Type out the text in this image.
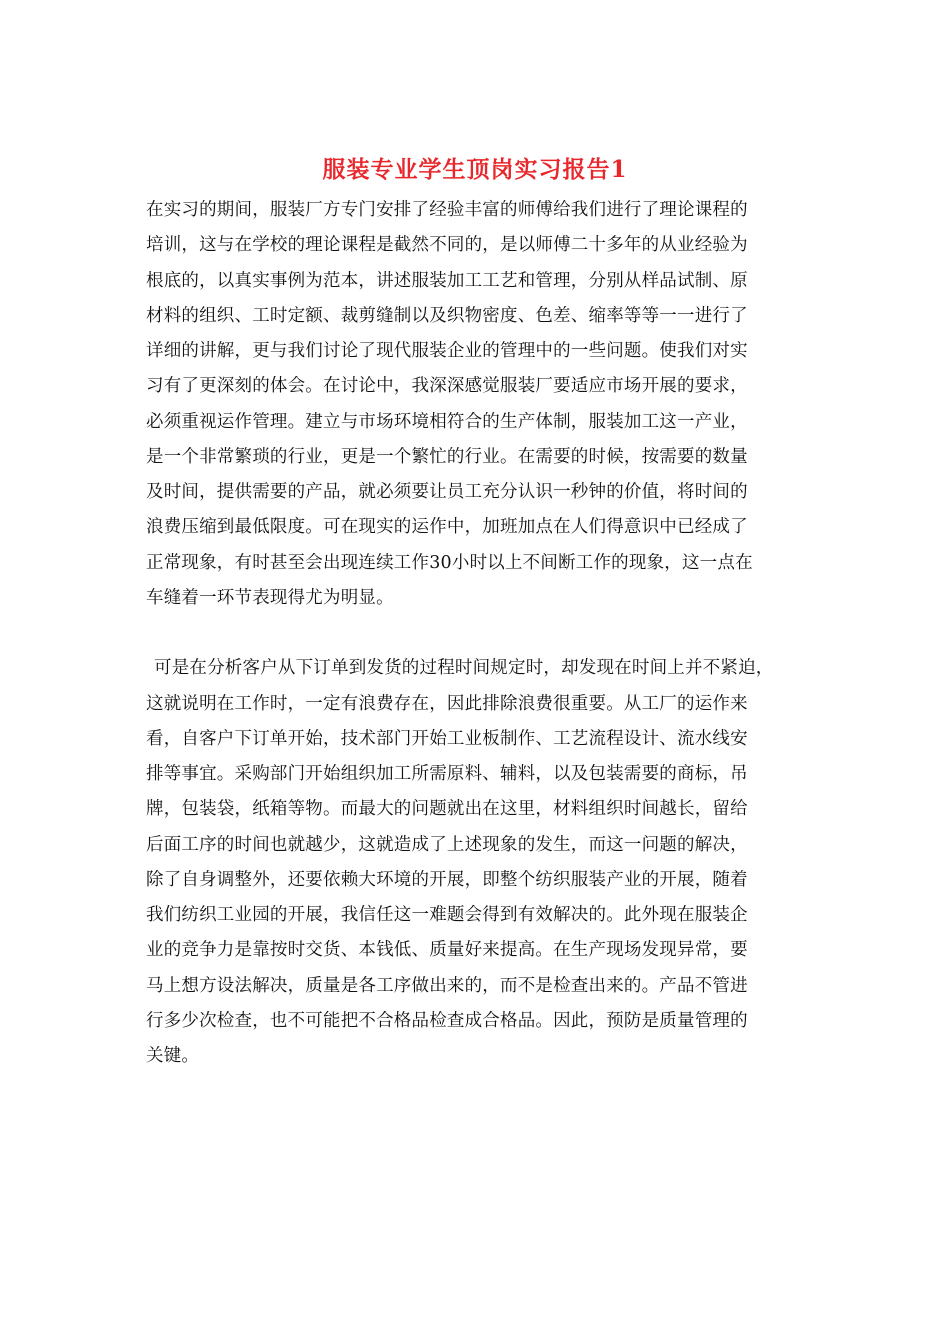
服装专业学生顶岗实习报告1
在实习的期间，服装厂方专门安排了经验丰富的师傅给我们进行了理论课程的
培训，这与在学校的理论课程是截然不同的，是以师傅二十多年的从业经验为
根底的，以真实事例为范本，讲述服装加工工艺和管理，分别从样品试制、原
材料的组织、工时定额、裁剪缝制以及织物密度、色差、缩率等等一一进行了
详细的讲解，更与我们讨论了现代服装企业的管理中的一些问题。使我们对实
习有了更深刻的体会。在讨论中，我深深感觉服装厂要适应市场开展的要求，
必须重视运作管理。建立与市场环境相符合的生产体制，服装加工这一产业，
是一个非常繁琐的行业，更是一个繁忙的行业。在需要的时候，按需要的数量
及时间，提供需要的产品，就必须要让员工充分认识一秒钟的价值，将时间的
浪费压缩到最低限度。可在现实的运作中，加班加点在人们得意识中已经成了
正常现象，有时甚至会出现连续工作30小时以上不间断工作的现象，这一点在
车缝着一环节表现得尤为明显。
可是在分析客户从下订单到发货的过程时间规定时，却发现在时间上并不紧迫，
这就说明在工作时，一定有浪费存在，因此排除浪费很重要。从工厂的运作来
看，自客户下订单开始，技术部门开始工业板制作、工艺流程设计、流水线安
排等事宜。采购部门开始组织加工所需原料、辅料，以及包装需要的商标，吊
牌，包装袋，纸箱等物。而最大的问题就出在这里，材料组织时间越长，留给
后面工序的时间也就越少，这就造成了上述现象的发生，而这一问题的解决，
除了自身调整外，还要依赖大环境的开展，即整个纺织服装产业的开展，随着
我们纺织工业园的开展，我信任这一难题会得到有效解决的。此外现在服装企
业的竞争力是靠按时交货、本钱低、质量好来提高。在生产现场发现异常，要
马上想方设法解决，质量是各工序做出来的，而不是检查出来的。产品不管进
行多少次检查，也不可能把不合格品检查成合格品。因此，预防是质量管理的
关键。
